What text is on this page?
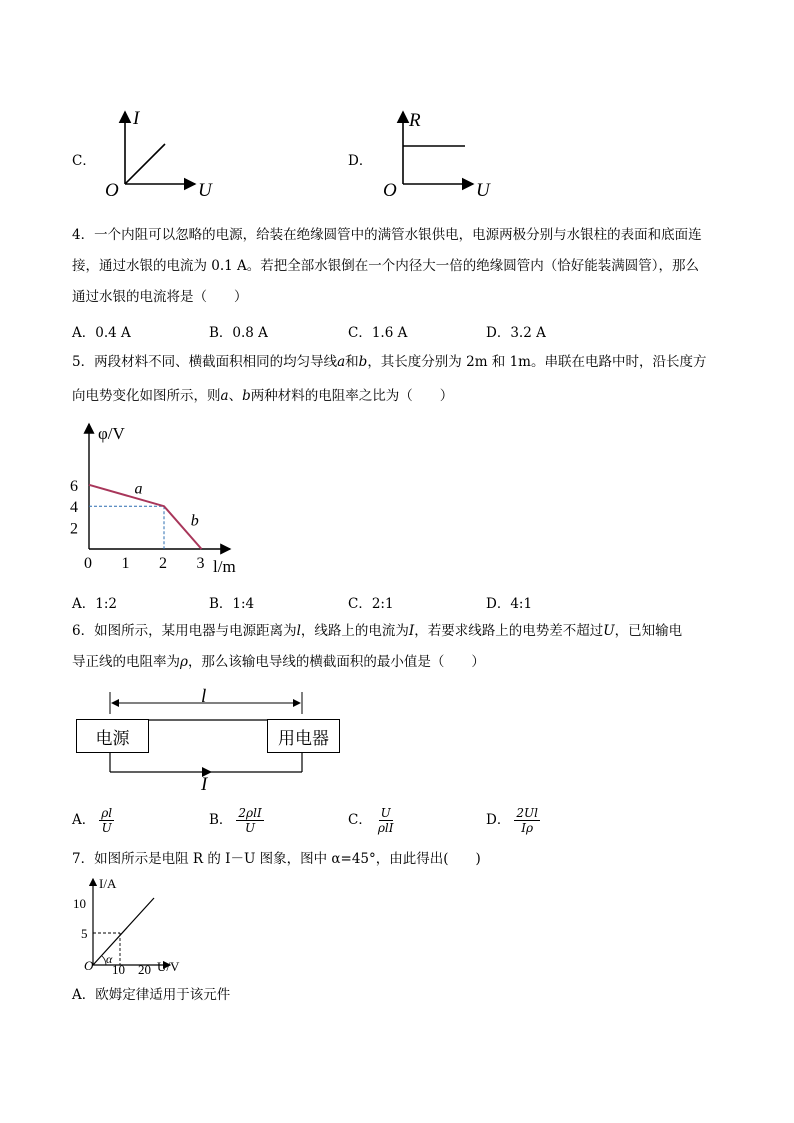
C．
I
U
O
D．
R
U
O
4．一个内阻可以忽略的电源，给装在绝缘圆管中的满管水银供电，电源两极分别与水银柱的表面和底面连
接，通过水银的电流为 0.1 A。若把全部水银倒在一个内径大一倍的绝缘圆管内（恰好能装满圆管），那么
通过水银的电流将是（　　）
A．0.4 A	B．0.8 A	C．1.6 A	D．3.2 A
5．两段材料不同、横截面积相同的均匀导线a和b，其长度分别为 2m 和 1m。串联在电路中时，沿长度方
向电势变化如图所示，则a、b两种材料的电阻率之比为（　　）
φ/V
l/m
0 1 2 3
2
4
6	a
b
A．1:2	B．1:4	C．2:1	D．4:1
6．如图所示，某用电器与电源距离为l，线路上的电流为I，若要求线路上的电势差不超过U，已知输电
导正线的电阻率为ρ，那么该输电导线的横截面积的最小值是（　　）
l
I
电源	用电器
A． $\frac{\rho l}{U}$	B． $\frac{\text{2ρlI}}{U}$	C． $\frac{U}{\text{ρlI}}$	D． $\frac{2Ul}{I\rho}$
7．如图所示是电阻 R 的 I－U 图象，图中 α=45°，由此得出(　　)
I/A
U/V
O α
5
10
10 20
A．欧姆定律适用于该元件
